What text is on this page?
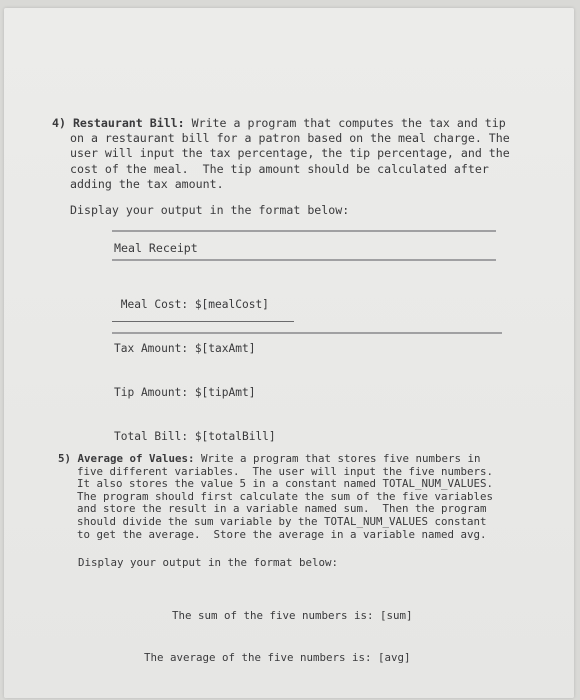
4) Restaurant Bill: Write a program that computes the tax and tip
on a restaurant bill for a patron based on the meal charge. The
user will input the tax percentage, the tip percentage, and the
cost of the meal.  The tip amount should be calculated after
adding the tax amount.
Display your output in the format below:
Meal Receipt

Meal Cost: $[mealCost]

Tax Amount: $[taxAmt]

Tip Amount: $[tipAmt]

Total Bill: $[totalBill]

5) Average of Values: Write a program that stores five numbers in
five different variables.  The user will input the five numbers.
It also stores the value 5 in a constant named TOTAL_NUM_VALUES.
The program should first calculate the sum of the five variables
and store the result in a variable named sum.  Then the program
should divide the sum variable by the TOTAL_NUM_VALUES constant
to get the average.  Store the average in a variable named avg.
Display your output in the format below:

The sum of the five numbers is: [sum]

The average of the five numbers is: [avg]
